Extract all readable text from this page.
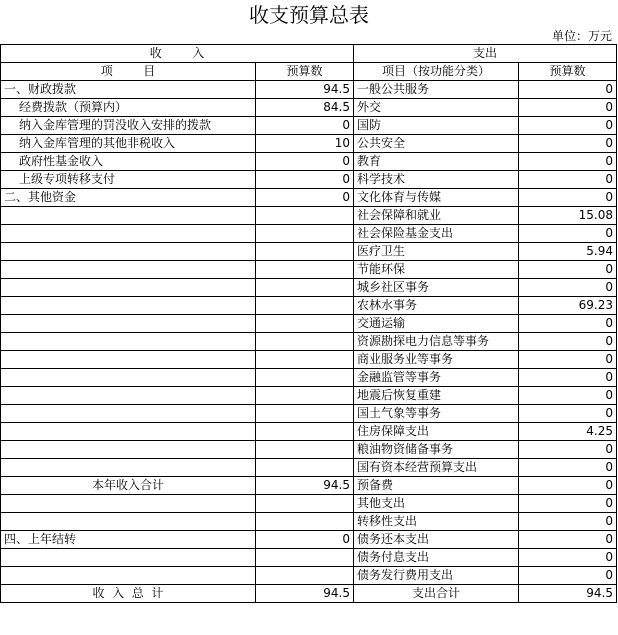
收支预算总表
单位：万元
收        入		支出	
项        目	预算数	项目（按功能分类）	预算数
一、财政拨款	94.5	一般公共服务	0
经费拨款（预算内）	84.5	外交	0
纳入金库管理的罚没收入安排的拨款	0	国防	0
纳入金库管理的其他非税收入	10	公共安全	0
政府性基金收入	0	教育	0
上级专项转移支付	0	科学技术	0
二、其他资金	0	文化体育与传媒	0
		社会保障和就业	15.08
		社会保险基金支出	0
		医疗卫生	5.94
		节能环保	0
		城乡社区事务	0
		农林水事务	69.23
		交通运输	0
		资源勘探电力信息等事务	0
		商业服务业等事务	0
		金融监管等事务	0
		地震后恢复重建	0
		国土气象等事务	0
		住房保障支出	4.25
		粮油物资储备事务	0
		国有资本经营预算支出	0
本年收入合计	94.5	预备费	0
		其他支出	0
		转移性支出	0
四、上年结转	0	债务还本支出	0
		债务付息支出	0
		债务发行费用支出	0
收  入  总  计	94.5	支出合计	94.5
